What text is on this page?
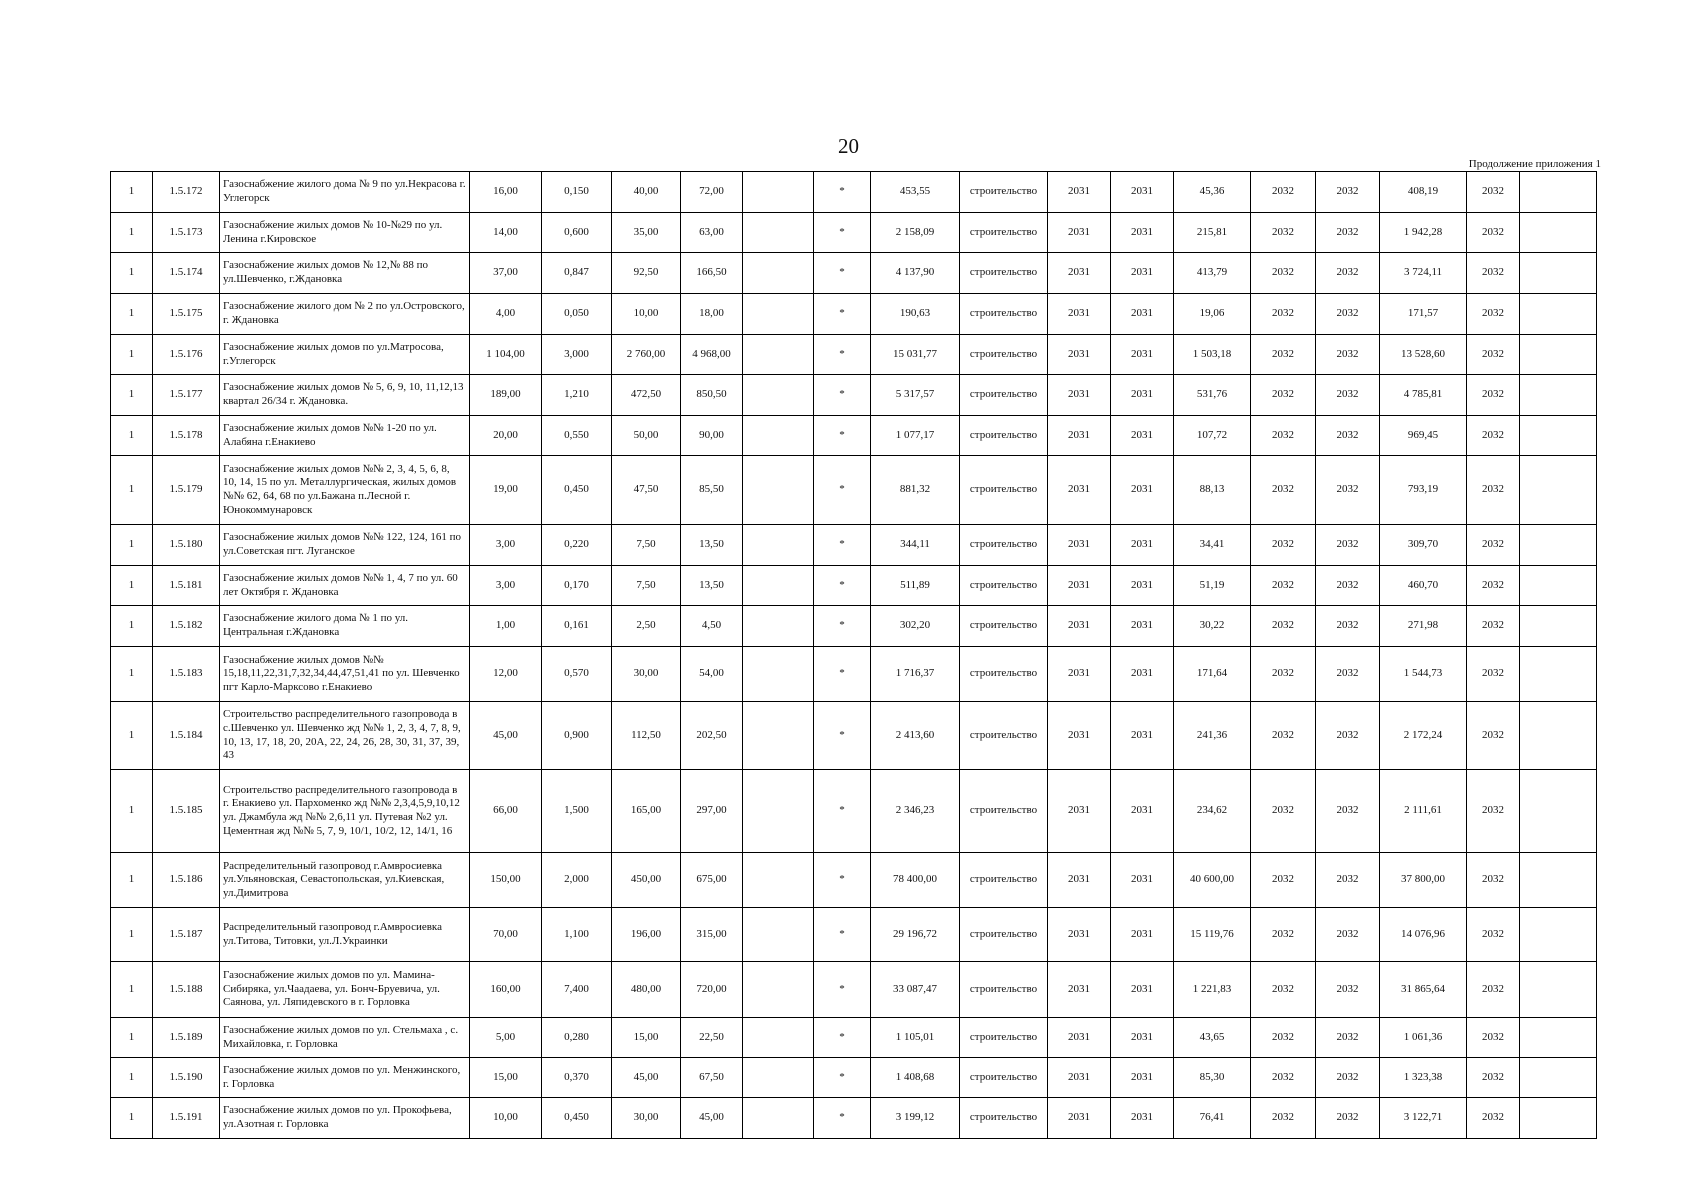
20
Продолжение приложения 1
1	1.5.172	Газоснабжение жилого дома № 9 по ул.Некрасова г. Углегорск	16,00	0,150	40,00	72,00		*	453,55	строительство	2031	2031	45,36	2032	2032	408,19	2032	
1	1.5.173	Газоснабжение жилых домов № 10-№29 по ул. Ленина г.Кировское	14,00	0,600	35,00	63,00		*	2 158,09	строительство	2031	2031	215,81	2032	2032	1 942,28	2032	
1	1.5.174	Газоснабжение жилых домов № 12,№ 88 по ул.Шевченко, г.Ждановка	37,00	0,847	92,50	166,50		*	4 137,90	строительство	2031	2031	413,79	2032	2032	3 724,11	2032	
1	1.5.175	Газоснабжение жилого дом № 2 по ул.Островского, г. Ждановка	4,00	0,050	10,00	18,00		*	190,63	строительство	2031	2031	19,06	2032	2032	171,57	2032	
1	1.5.176	Газоснабжение жилых домов по ул.Матросова, г.Углегорск	1 104,00	3,000	2 760,00	4 968,00		*	15 031,77	строительство	2031	2031	1 503,18	2032	2032	13 528,60	2032	
1	1.5.177	Газоснабжение жилых домов № 5, 6, 9, 10, 11,12,13 квартал 26/34 г. Ждановка.	189,00	1,210	472,50	850,50		*	5 317,57	строительство	2031	2031	531,76	2032	2032	4 785,81	2032	
1	1.5.178	Газоснабжение жилых домов №№ 1-20 по ул. Алабяна г.Енакиево	20,00	0,550	50,00	90,00		*	1 077,17	строительство	2031	2031	107,72	2032	2032	969,45	2032	
1	1.5.179	Газоснабжение жилых домов №№ 2, 3, 4, 5, 6, 8, 10, 14, 15 по ул. Металлургическая, жилых домов №№ 62, 64, 68 по ул.Бажана п.Лесной г. Юнокоммунаровск	19,00	0,450	47,50	85,50		*	881,32	строительство	2031	2031	88,13	2032	2032	793,19	2032	
1	1.5.180	Газоснабжение жилых домов №№ 122, 124, 161 по ул.Советская пгт. Луганское	3,00	0,220	7,50	13,50		*	344,11	строительство	2031	2031	34,41	2032	2032	309,70	2032	
1	1.5.181	Газоснабжение жилых домов №№ 1, 4, 7 по ул. 60 лет Октября г. Ждановка	3,00	0,170	7,50	13,50		*	511,89	строительство	2031	2031	51,19	2032	2032	460,70	2032	
1	1.5.182	Газоснабжение жилого дома № 1 по ул. Центральная г.Ждановка	1,00	0,161	2,50	4,50		*	302,20	строительство	2031	2031	30,22	2032	2032	271,98	2032	
1	1.5.183	Газоснабжение жилых домов №№ 15,18,11,22,31,7,32,34,44,47,51,41 по ул. Шевченко пгт Карло-Марксово г.Енакиево	12,00	0,570	30,00	54,00		*	1 716,37	строительство	2031	2031	171,64	2032	2032	1 544,73	2032	
1	1.5.184	Строительство распределительного газопровода в с.Шевченко ул. Шевченко жд №№ 1, 2, 3, 4, 7, 8, 9, 10, 13, 17, 18, 20, 20А, 22, 24, 26, 28, 30, 31, 37, 39, 43	45,00	0,900	112,50	202,50		*	2 413,60	строительство	2031	2031	241,36	2032	2032	2 172,24	2032	
1	1.5.185	Строительство распределительного газопровода в г. Енакиево ул. Пархоменко жд №№ 2,3,4,5,9,10,12 ул. Джамбула жд №№ 2,6,11 ул. Путевая №2 ул. Цементная жд №№ 5, 7, 9, 10/1, 10/2, 12, 14/1, 16	66,00	1,500	165,00	297,00		*	2 346,23	строительство	2031	2031	234,62	2032	2032	2 111,61	2032	
1	1.5.186	Распределительный газопровод г.Амвросиевка ул.Ульяновская, Севастопольская, ул.Киевская, ул.Димитрова	150,00	2,000	450,00	675,00		*	78 400,00	строительство	2031	2031	40 600,00	2032	2032	37 800,00	2032	
1	1.5.187	Распределительный газопровод г.Амвросиевка ул.Титова, Титовки, ул.Л.Украинки	70,00	1,100	196,00	315,00		*	29 196,72	строительство	2031	2031	15 119,76	2032	2032	14 076,96	2032	
1	1.5.188	Газоснабжение жилых домов по ул. Мамина-Сибиряка, ул.Чаадаева, ул. Бонч-Бруевича, ул. Саянова, ул. Ляпидевского в г. Горловка	160,00	7,400	480,00	720,00		*	33 087,47	строительство	2031	2031	1 221,83	2032	2032	31 865,64	2032	
1	1.5.189	Газоснабжение жилых домов по ул. Стельмаха , с. Михайловка, г. Горловка	5,00	0,280	15,00	22,50		*	1 105,01	строительство	2031	2031	43,65	2032	2032	1 061,36	2032	
1	1.5.190	Газоснабжение жилых домов по ул. Менжинского, г. Горловка	15,00	0,370	45,00	67,50		*	1 408,68	строительство	2031	2031	85,30	2032	2032	1 323,38	2032	
1	1.5.191	Газоснабжение жилых домов по ул. Прокофьева, ул.Азотная г. Горловка	10,00	0,450	30,00	45,00		*	3 199,12	строительство	2031	2031	76,41	2032	2032	3 122,71	2032	
